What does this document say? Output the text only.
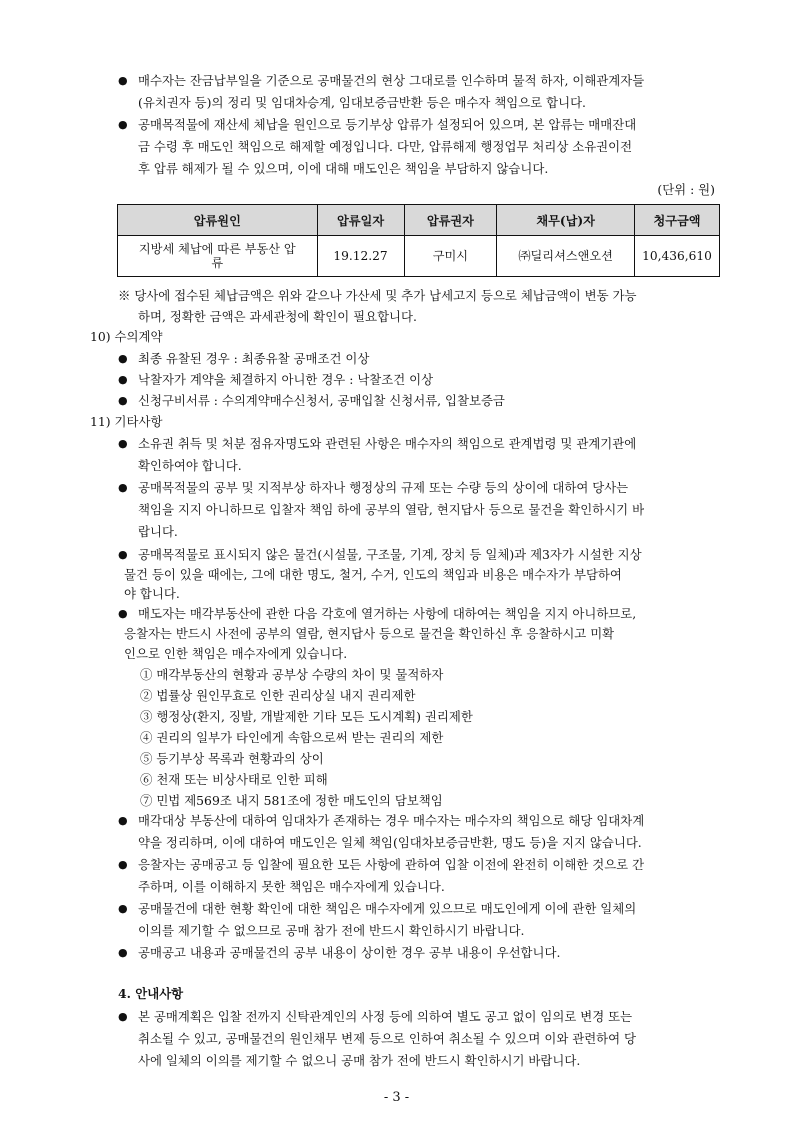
● 매수자는 잔금납부일을 기준으로 공매물건의 현상 그대로를 인수하며 물적 하자, 이해관계자들
(유치권자 등)의 정리 및 임대차승계, 임대보증금반환 등은 매수자 책임으로 합니다.
● 공매목적물에 재산세 체납을 원인으로 등기부상 압류가 설정되어 있으며, 본 압류는 매매잔대
금 수령 후 매도인 책임으로 해제할 예정입니다. 다만, 압류해제 행정업무 처리상 소유권이전
후 압류 해제가 될 수 있으며, 이에 대해 매도인은 책임을 부담하지 않습니다.
(단위 : 원)
압류원인	압류일자	압류권자	채무(납)자	청구금액
지방세 체납에 따른 부동산 압류	19.12.27	구미시	㈜딜리셔스앤오션	10,436,610
※ 당사에 접수된 체납금액은 위와 같으나 가산세 및 추가 납세고지 등으로 체납금액이 변동 가능
하며, 정확한 금액은 과세관청에 확인이 필요합니다.
10) 수의계약
● 최종 유찰된 경우 : 최종유찰 공매조건 이상
● 낙찰자가 계약을 체결하지 아니한 경우 : 낙찰조건 이상
● 신청구비서류 : 수의계약매수신청서, 공매입찰 신청서류, 입찰보증금
11) 기타사항
● 소유권 취득 및 처분 점유자명도와 관련된 사항은 매수자의 책임으로 관계법령 및 관계기관에
확인하여야 합니다.
● 공매목적물의 공부 및 지적부상 하자나 행정상의 규제 또는 수량 등의 상이에 대하여 당사는
책임을 지지 아니하므로 입찰자 책임 하에 공부의 열람, 현지답사 등으로 물건을 확인하시기 바
랍니다.
● 공매목적물로 표시되지 않은 물건(시설물, 구조물, 기계, 장치 등 일체)과 제3자가 시설한 지상
물건 등이 있을 때에는, 그에 대한 명도, 철거, 수거, 인도의 책임과 비용은 매수자가 부담하여
야 합니다.
● 매도자는 매각부동산에 관한 다음 각호에 열거하는 사항에 대하여는 책임을 지지 아니하므로,
응찰자는 반드시 사전에 공부의 열람, 현지답사 등으로 물건을 확인하신 후 응찰하시고 미확
인으로 인한 책임은 매수자에게 있습니다.
① 매각부동산의 현황과 공부상 수량의 차이 및 물적하자
② 법률상 원인무효로 인한 권리상실 내지 권리제한
③ 행정상(환지, 징발, 개발제한 기타 모든 도시계획) 권리제한
④ 권리의 일부가 타인에게 속함으로써 받는 권리의 제한
⑤ 등기부상 목록과 현황과의 상이
⑥ 천재 또는 비상사태로 인한 피해
⑦ 민법 제569조 내지 581조에 정한 매도인의 담보책임
● 매각대상 부동산에 대하여 임대차가 존재하는 경우 매수자는 매수자의 책임으로 해당 임대차계
약을 정리하며, 이에 대하여 매도인은 일체 책임(임대차보증금반환, 명도 등)을 지지 않습니다.
● 응찰자는 공매공고 등 입찰에 필요한 모든 사항에 관하여 입찰 이전에 완전히 이해한 것으로 간
주하며, 이를 이해하지 못한 책임은 매수자에게 있습니다.
● 공매물건에 대한 현황 확인에 대한 책임은 매수자에게 있으므로 매도인에게 이에 관한 일체의
이의를 제기할 수 없으므로 공매 참가 전에 반드시 확인하시기 바랍니다.
● 공매공고 내용과 공매물건의 공부 내용이 상이한 경우 공부 내용이 우선합니다.
4. 안내사항
● 본 공매계획은 입찰 전까지 신탁관계인의 사정 등에 의하여 별도 공고 없이 임의로 변경 또는
취소될 수 있고, 공매물건의 원인채무 변제 등으로 인하여 취소될 수 있으며 이와 관련하여 당
사에 일체의 이의를 제기할 수 없으니 공매 참가 전에 반드시 확인하시기 바랍니다.
- 3 -
